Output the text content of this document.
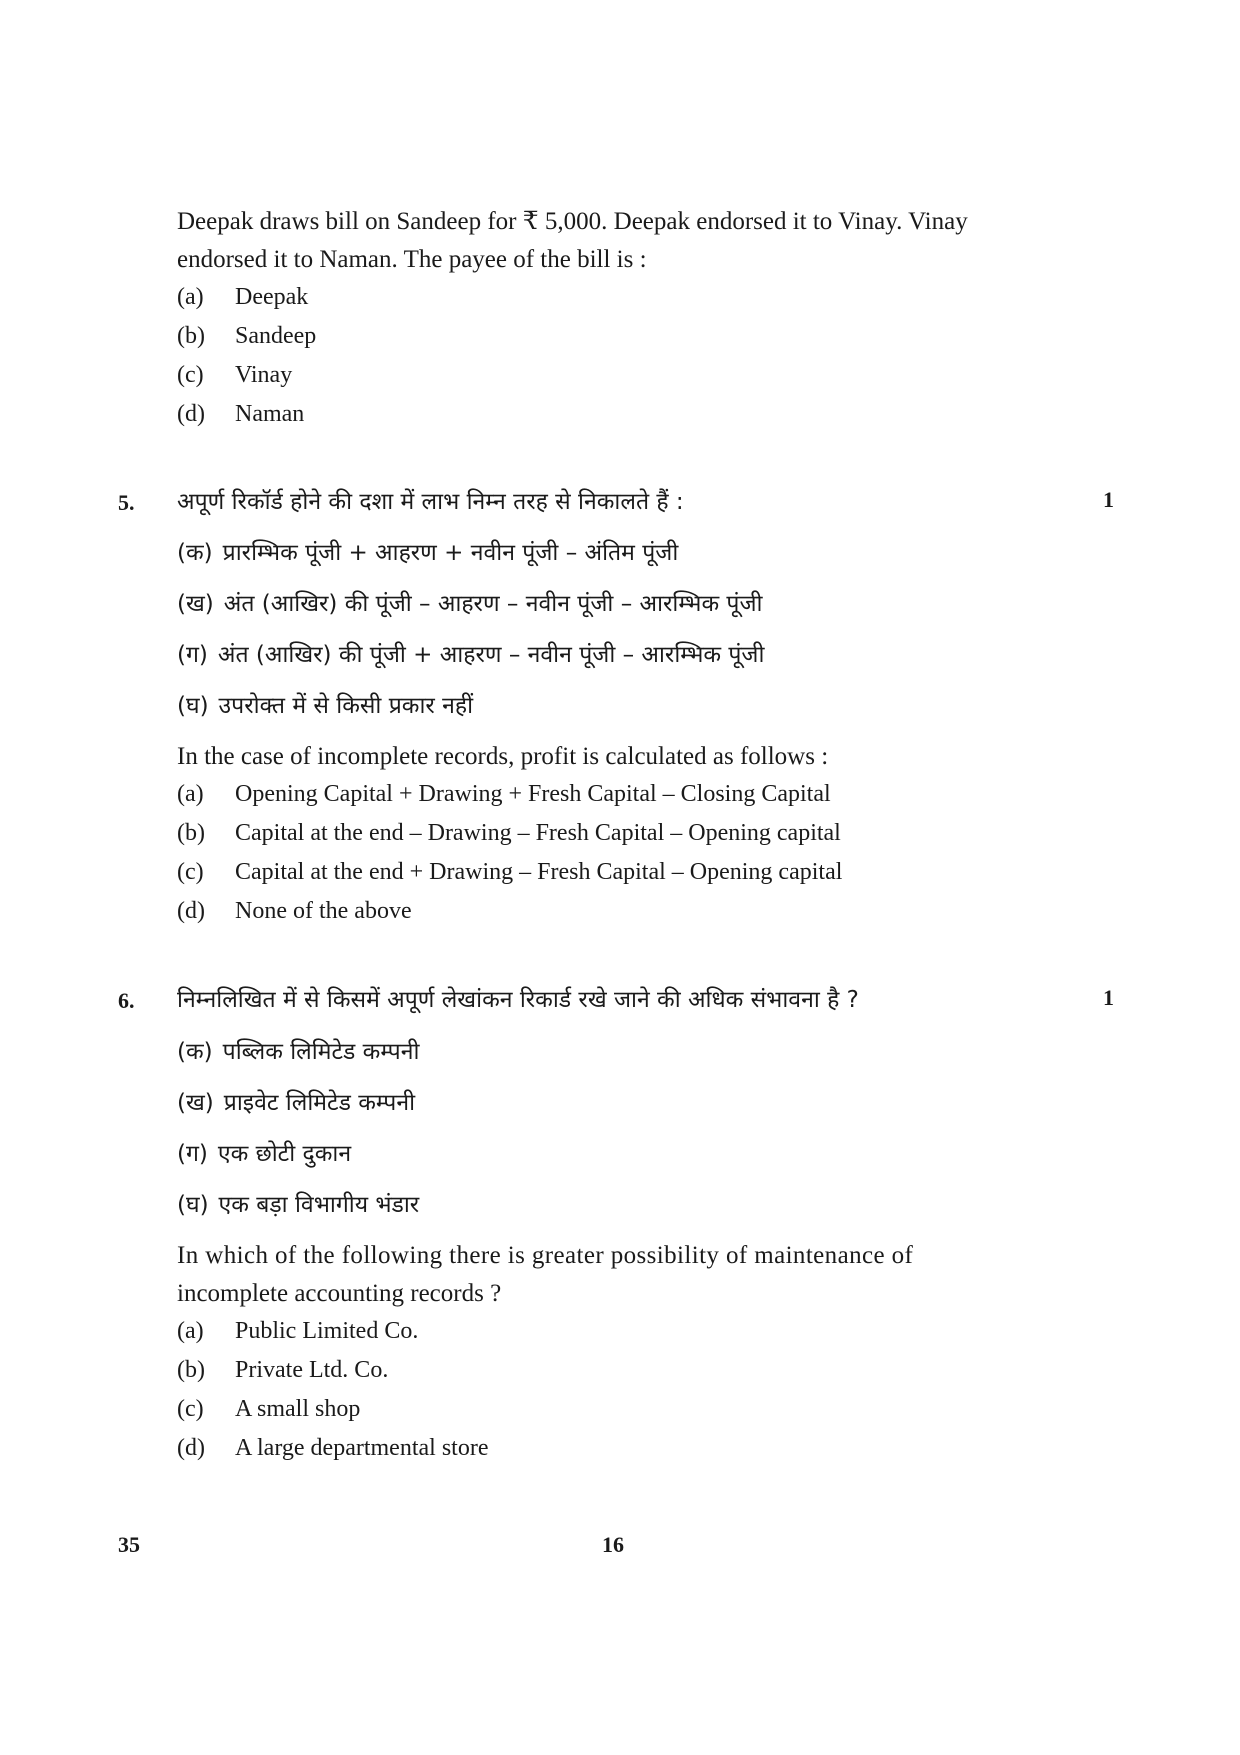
Deepak draws bill on Sandeep for ₹ 5,000. Deepak endorsed it to Vinay. Vinay
endorsed it to Naman. The payee of the bill is :
(a) Deepak
(b) Sandeep
(c) Vinay
(d) Naman
5.	1
अपूर्ण रिकॉर्ड होने की दशा में लाभ निम्न तरह से निकालते हैं :
(क) प्रारम्भिक पूंजी + आहरण + नवीन पूंजी – अंतिम पूंजी
(ख) अंत (आखिर) की पूंजी – आहरण – नवीन पूंजी – आरम्भिक पूंजी
(ग) अंत (आखिर) की पूंजी + आहरण – नवीन पूंजी – आरम्भिक पूंजी
(घ) उपरोक्त में से किसी प्रकार नहीं
In the case of incomplete records, profit is calculated as follows :
(a) Opening Capital + Drawing + Fresh Capital – Closing Capital
(b) Capital at the end – Drawing – Fresh Capital – Opening capital
(c) Capital at the end + Drawing – Fresh Capital – Opening capital
(d) None of the above
6.	1
निम्नलिखित में से किसमें अपूर्ण लेखांकन रिकार्ड रखे जाने की अधिक संभावना है ?
(क) पब्लिक लिमिटेड कम्पनी
(ख) प्राइवेट लिमिटेड कम्पनी
(ग) एक छोटी दुकान
(घ) एक बड़ा विभागीय भंडार
In which of the following there is greater possibility of maintenance of
incomplete accounting records ?
(a) Public Limited Co.
(b) Private Ltd. Co.
(c) A small shop
(d) A large departmental store
35	16
